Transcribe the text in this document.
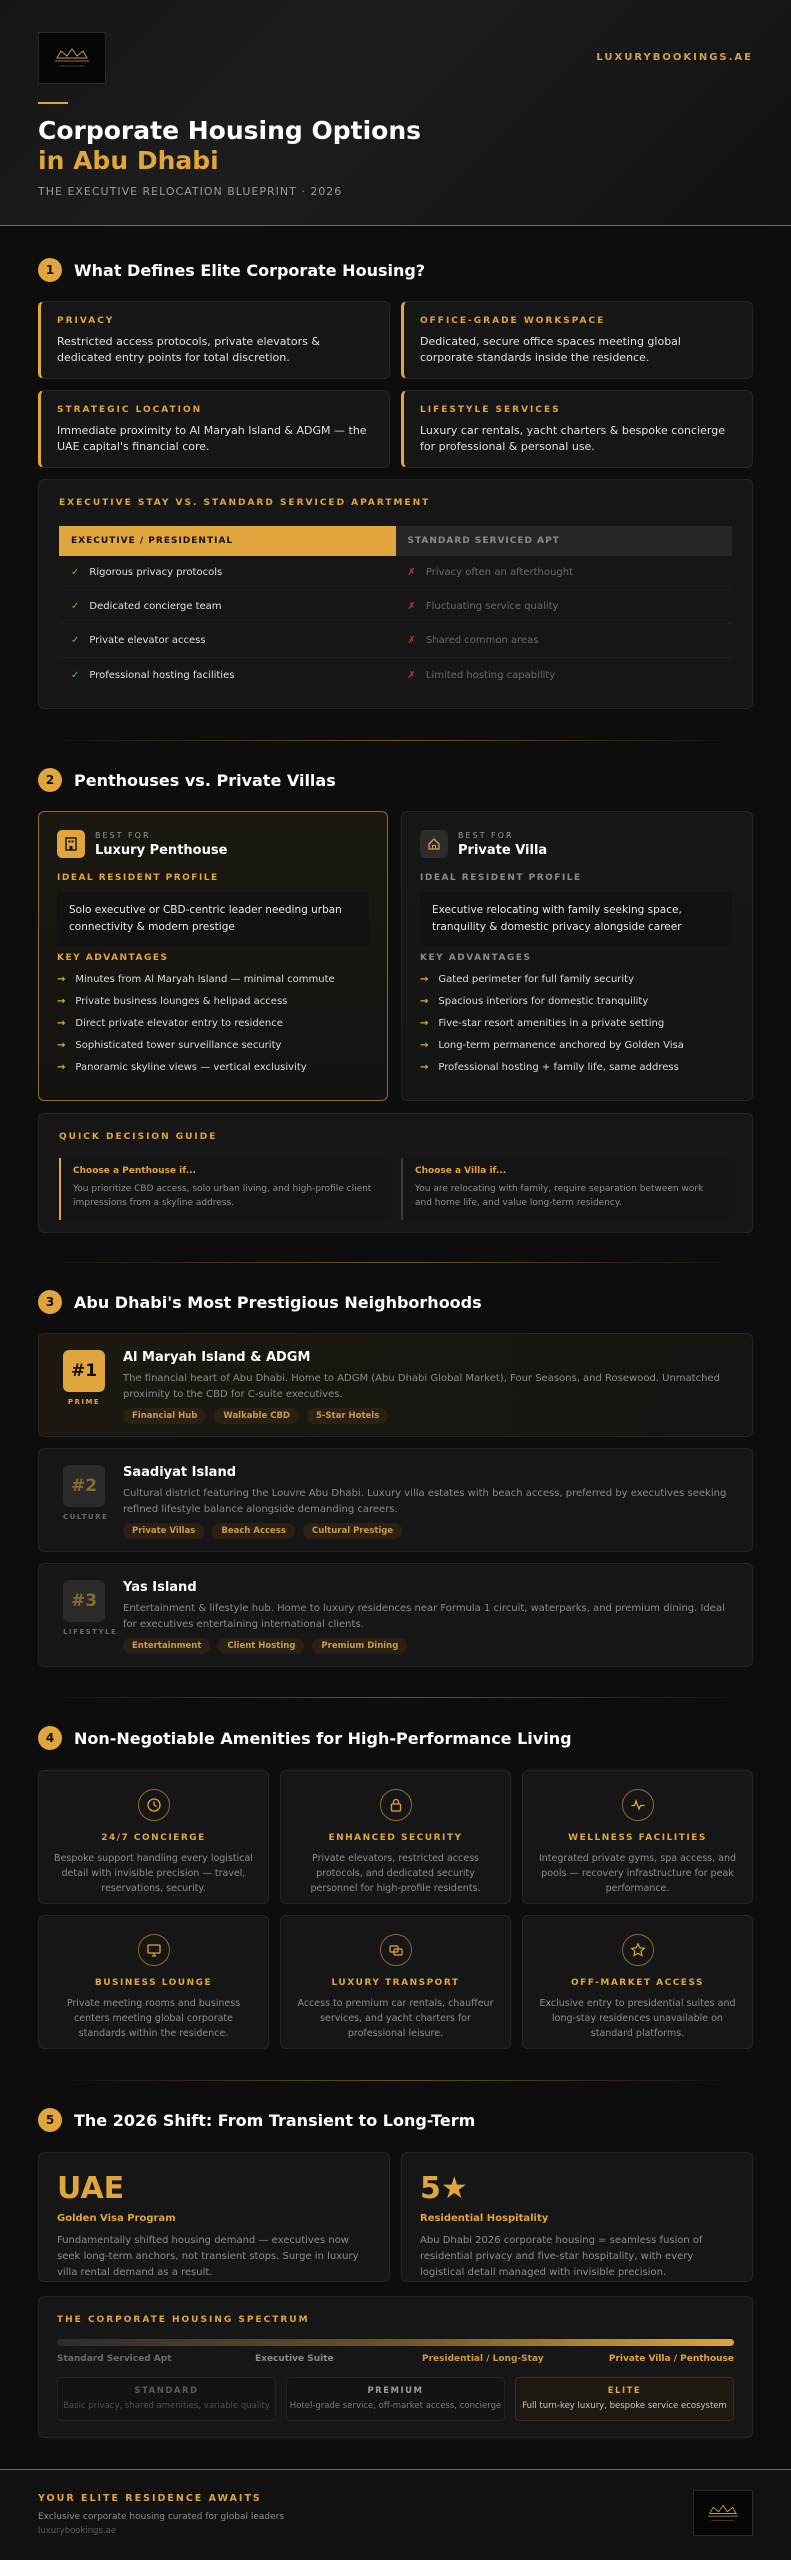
LUXURYBOOKINGS.AE
Corporate Housing Options
in Abu Dhabi
THE EXECUTIVE RELOCATION BLUEPRINT · 2026
1	What Defines Elite Corporate Housing?
PRIVACY
Restricted access protocols, private elevators & dedicated entry points for total discretion.
OFFICE-GRADE WORKSPACE
Dedicated, secure office spaces meeting global corporate standards inside the residence.
STRATEGIC LOCATION
Immediate proximity to Al Maryah Island & ADGM — the UAE capital's financial core.
LIFESTYLE SERVICES
Luxury car rentals, yacht charters & bespoke concierge for professional & personal use.
EXECUTIVE STAY VS. STANDARD SERVICED APARTMENT
EXECUTIVE / PRESIDENTIAL	STANDARD SERVICED APT
✓ Rigorous privacy protocols	✗ Privacy often an afterthought
✓ Dedicated concierge team	✗ Fluctuating service quality
✓ Private elevator access	✗ Shared common areas
✓ Professional hosting facilities	✗ Limited hosting capability
2	Penthouses vs. Private Villas
BEST FOR
Luxury Penthouse
IDEAL RESIDENT PROFILE
Solo executive or CBD-centric leader needing urban connectivity & modern prestige
KEY ADVANTAGES
→ Minutes from Al Maryah Island — minimal commute
→ Private business lounges & helipad access
→ Direct private elevator entry to residence
→ Sophisticated tower surveillance security
→ Panoramic skyline views — vertical exclusivity
BEST FOR
Private Villa
IDEAL RESIDENT PROFILE
Executive relocating with family seeking space, tranquility & domestic privacy alongside career
KEY ADVANTAGES
→ Gated perimeter for full family security
→ Spacious interiors for domestic tranquility
→ Five-star resort amenities in a private setting
→ Long-term permanence anchored by Golden Visa
→ Professional hosting + family life, same address
QUICK DECISION GUIDE
Choose a Penthouse if...
You prioritize CBD access, solo urban living, and high-profile client impressions from a skyline address.
Choose a Villa if...
You are relocating with family, require separation between work and home life, and value long-term residency.
3	Abu Dhabi's Most Prestigious Neighborhoods
#1
PRIME
Al Maryah Island & ADGM
The financial heart of Abu Dhabi. Home to ADGM (Abu Dhabi Global Market), Four Seasons, and Rosewood. Unmatched proximity to the CBD for C-suite executives.
Financial Hub	Walkable CBD	5-Star Hotels
#2
CULTURE
Saadiyat Island
Cultural district featuring the Louvre Abu Dhabi. Luxury villa estates with beach access, preferred by executives seeking refined lifestyle balance alongside demanding careers.
Private Villas	Beach Access	Cultural Prestige
#3
LIFESTYLE
Yas Island
Entertainment & lifestyle hub. Home to luxury residences near Formula 1 circuit, waterparks, and premium dining. Ideal for executives entertaining international clients.
Entertainment	Client Hosting	Premium Dining
4	Non-Negotiable Amenities for High-Performance Living
24/7 CONCIERGE
Bespoke support handling every logistical detail with invisible precision — travel, reservations, security.
ENHANCED SECURITY
Private elevators, restricted access protocols, and dedicated security personnel for high-profile residents.
WELLNESS FACILITIES
Integrated private gyms, spa access, and pools — recovery infrastructure for peak performance.
BUSINESS LOUNGE
Private meeting rooms and business centers meeting global corporate standards within the residence.
LUXURY TRANSPORT
Access to premium car rentals, chauffeur services, and yacht charters for professional leisure.
OFF-MARKET ACCESS
Exclusive entry to presidential suites and long-stay residences unavailable on standard platforms.
5	The 2026 Shift: From Transient to Long-Term
UAE
Golden Visa Program
Fundamentally shifted housing demand — executives now seek long-term anchors, not transient stops. Surge in luxury villa rental demand as a result.
5★
Residential Hospitality
Abu Dhabi 2026 corporate housing = seamless fusion of residential privacy and five-star hospitality, with every logistical detail managed with invisible precision.
THE CORPORATE HOUSING SPECTRUM
Standard Serviced Apt	Executive Suite	Presidential / Long-Stay	Private Villa / Penthouse
STANDARD
Basic privacy, shared amenities, variable quality
PREMIUM
Hotel-grade service, off-market access, concierge
ELITE
Full turn-key luxury, bespoke service ecosystem
YOUR ELITE RESIDENCE AWAITS
Exclusive corporate housing curated for global leaders
luxurybookings.ae
